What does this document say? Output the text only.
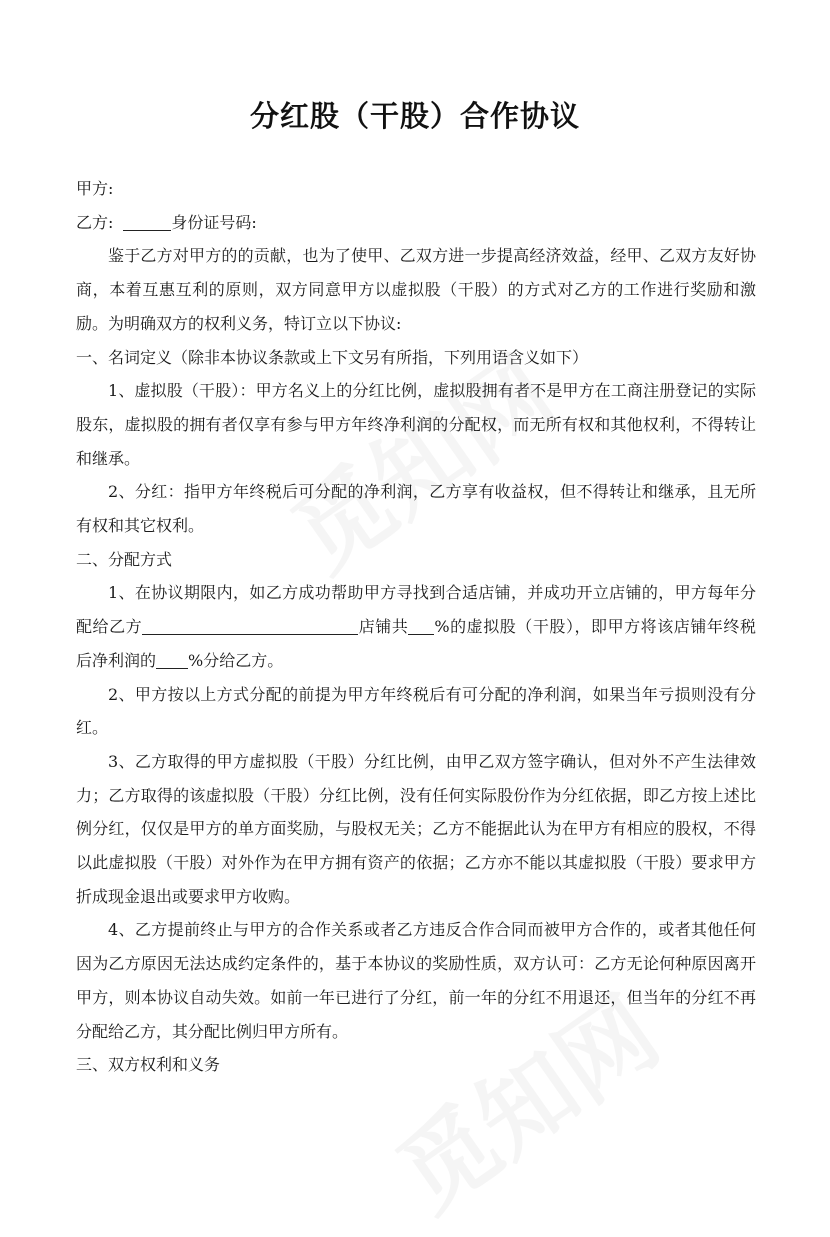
分红股（干股）合作协议

甲方:

乙方:	身份证号码:

鉴于乙方对甲方的的贡献，也为了使甲、乙双方进一步提高经济效益，经甲、乙双方友好协商，本着互惠互利的原则，双方同意甲方以虚拟股（干股）的方式对乙方的工作进行奖励和激励。为明确双方的权利义务，特订立以下协议:

一、名词定义（除非本协议条款或上下文另有所指，下列用语含义如下）

1、虚拟股（干股）：甲方名义上的分红比例，虚拟股拥有者不是甲方在工商注册登记的实际股东，虚拟股的拥有者仅享有参与甲方年终净利润的分配权，而无所有权和其他权利，不得转让和继承。

2、分红：指甲方年终税后可分配的净利润，乙方享有收益权，但不得转让和继承，且无所有权和其它权利。

二、分配方式

1、在协议期限内，如乙方成功帮助甲方寻找到合适店铺，并成功开立店铺的，甲方每年分配给乙方	店铺共 %的虚拟股（干股），即甲方将该店铺年终税后净利润的 %分给乙方。

2、甲方按以上方式分配的前提为甲方年终税后有可分配的净利润，如果当年亏损则没有分红。

3、乙方取得的甲方虚拟股（干股）分红比例，由甲乙双方签字确认，但对外不产生法律效力；乙方取得的该虚拟股（干股）分红比例，没有任何实际股份作为分红依据，即乙方按上述比例分红，仅仅是甲方的单方面奖励，与股权无关；乙方不能据此认为在甲方有相应的股权，不得以此虚拟股（干股）对外作为在甲方拥有资产的依据；乙方亦不能以其虚拟股（干股）要求甲方折成现金退出或要求甲方收购。

4、乙方提前终止与甲方的合作关系或者乙方违反合作合同而被甲方合作的，或者其他任何因为乙方原因无法达成约定条件的，基于本协议的奖励性质，双方认可：乙方无论何种原因离开甲方，则本协议自动失效。如前一年已进行了分红，前一年的分红不用退还，但当年的分红不再分配给乙方，其分配比例归甲方所有。

三、双方权利和义务
